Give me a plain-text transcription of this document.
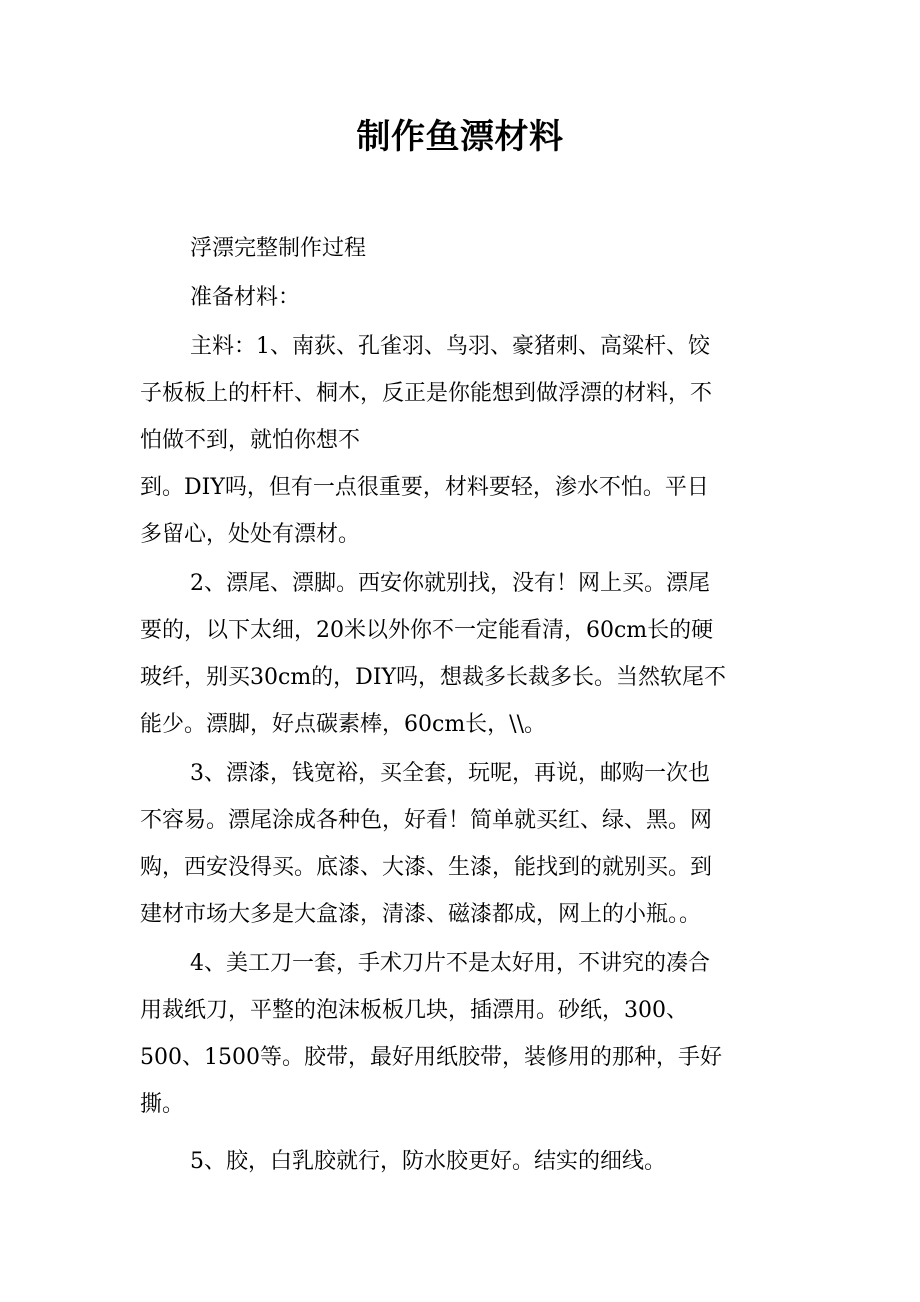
制作鱼漂材料

浮漂完整制作过程

准备材料：

主料：1、南荻、孔雀羽、鸟羽、豪猪刺、高粱杆、饺
子板板上的杆杆、桐木，反正是你能想到做浮漂的材料，不
怕做不到，就怕你想不
到。DIY吗，但有一点很重要，材料要轻，渗水不怕。平日
多留心，处处有漂材。

2、漂尾、漂脚。西安你就别找，没有！网上买。漂尾
要的，以下太细，20米以外你不一定能看清，60cm长的硬
玻纤，别买30cm的，DIY吗，想裁多长裁多长。当然软尾不
能少。漂脚，好点碳素棒，60cm长，\\。

3、漂漆，钱宽裕，买全套，玩呢，再说，邮购一次也
不容易。漂尾涂成各种色，好看！简单就买红、绿、黑。网
购，西安没得买。底漆、大漆、生漆，能找到的就别买。到
建材市场大多是大盒漆，清漆、磁漆都成，网上的小瓶。。

4、美工刀一套，手术刀片不是太好用，不讲究的凑合
用裁纸刀，平整的泡沫板板几块，插漂用。砂纸，300、
500、1500等。胶带，最好用纸胶带，装修用的那种，手好
撕。

5、胶，白乳胶就行，防水胶更好。结实的细线。
